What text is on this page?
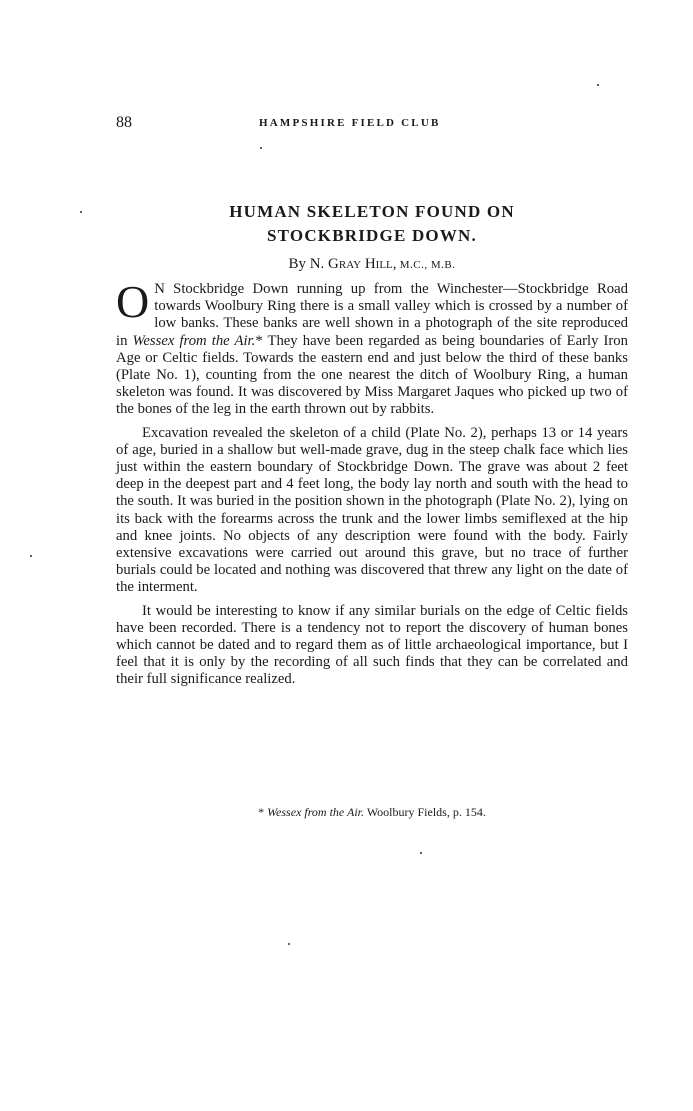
88	HAMPSHIRE FIELD CLUB
HUMAN SKELETON FOUND ON
STOCKBRIDGE DOWN.
By N. Gray Hill, M.C., M.B.

O N Stockbridge Down running up from the Winchester—Stockbridge Road towards Woolbury Ring there is a small valley which is crossed by a number of low banks. These banks are well shown in a photograph of the site reproduced in Wessex from the Air.* They have been regarded as being boundaries of Early Iron Age or Celtic fields. Towards the eastern end and just below the third of these banks (Plate No. 1), counting from the one nearest the ditch of Woolbury Ring, a human skeleton was found. It was discovered by Miss Margaret Jaques who picked up two of the bones of the leg in the earth thrown out by rabbits.

Excavation revealed the skeleton of a child (Plate No. 2), perhaps 13 or 14 years of age, buried in a shallow but well-made grave, dug in the steep chalk face which lies just within the eastern boundary of Stockbridge Down. The grave was about 2 feet deep in the deepest part and 4 feet long, the body lay north and south with the head to the south. It was buried in the position shown in the photograph (Plate No. 2), lying on its back with the forearms across the trunk and the lower limbs semiflexed at the hip and knee joints. No objects of any description were found with the body. Fairly extensive excavations were carried out around this grave, but no trace of further burials could be located and nothing was discovered that threw any light on the date of the interment.

It would be interesting to know if any similar burials on the edge of Celtic fields have been recorded. There is a tendency not to report the discovery of human bones which cannot be dated and to regard them as of little archaeological importance, but I feel that it is only by the recording of all such finds that they can be correlated and their full significance realized.

* Wessex from the Air. Woolbury Fields, p. 154.
